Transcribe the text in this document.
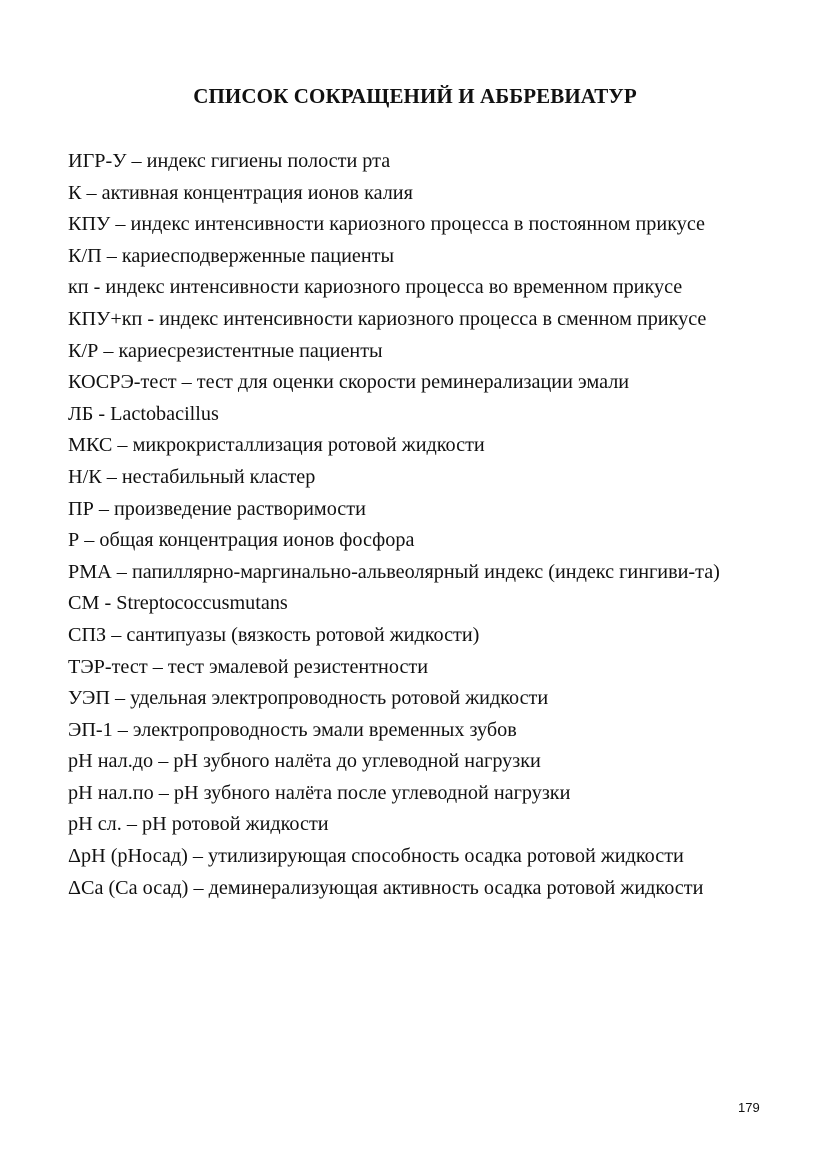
СПИСОК СОКРАЩЕНИЙ И АББРЕВИАТУР
ИГР-У – индекс гигиены полости рта
К – активная концентрация ионов калия
КПУ – индекс интенсивности кариозного процесса в постоянном прикусе
К/П – кариесподверженные пациенты
кп - индекс интенсивности кариозного процесса во временном прикусе
КПУ+кп - индекс интенсивности кариозного процесса в сменном прикусе
К/Р – кариесрезистентные пациенты
КОСРЭ-тест – тест для оценки скорости реминерализации эмали
ЛБ - Lactobacillus
МКС – микрокристаллизация ротовой жидкости
Н/К – нестабильный кластер
ПР – произведение растворимости
Р – общая концентрация ионов фосфора
РМА – папиллярно-маргинально-альвеолярный индекс (индекс гингиви-та)
СМ - Streptococcusmutans
СПЗ – сантипуазы (вязкость ротовой жидкости)
ТЭР-тест – тест эмалевой резистентности
УЭП – удельная электропроводность ротовой жидкости
ЭП-1 – электропроводность эмали временных зубов
pH нал.до – pH зубного налёта до углеводной нагрузки
pH нал.по – pH зубного налёта после углеводной нагрузки
pH сл. – pH ротовой жидкости
ΔpH (pHосад) – утилизирующая способность осадка ротовой жидкости
ΔCa (Ca осад) – деминерализующая активность осадка ротовой жидкости
179
